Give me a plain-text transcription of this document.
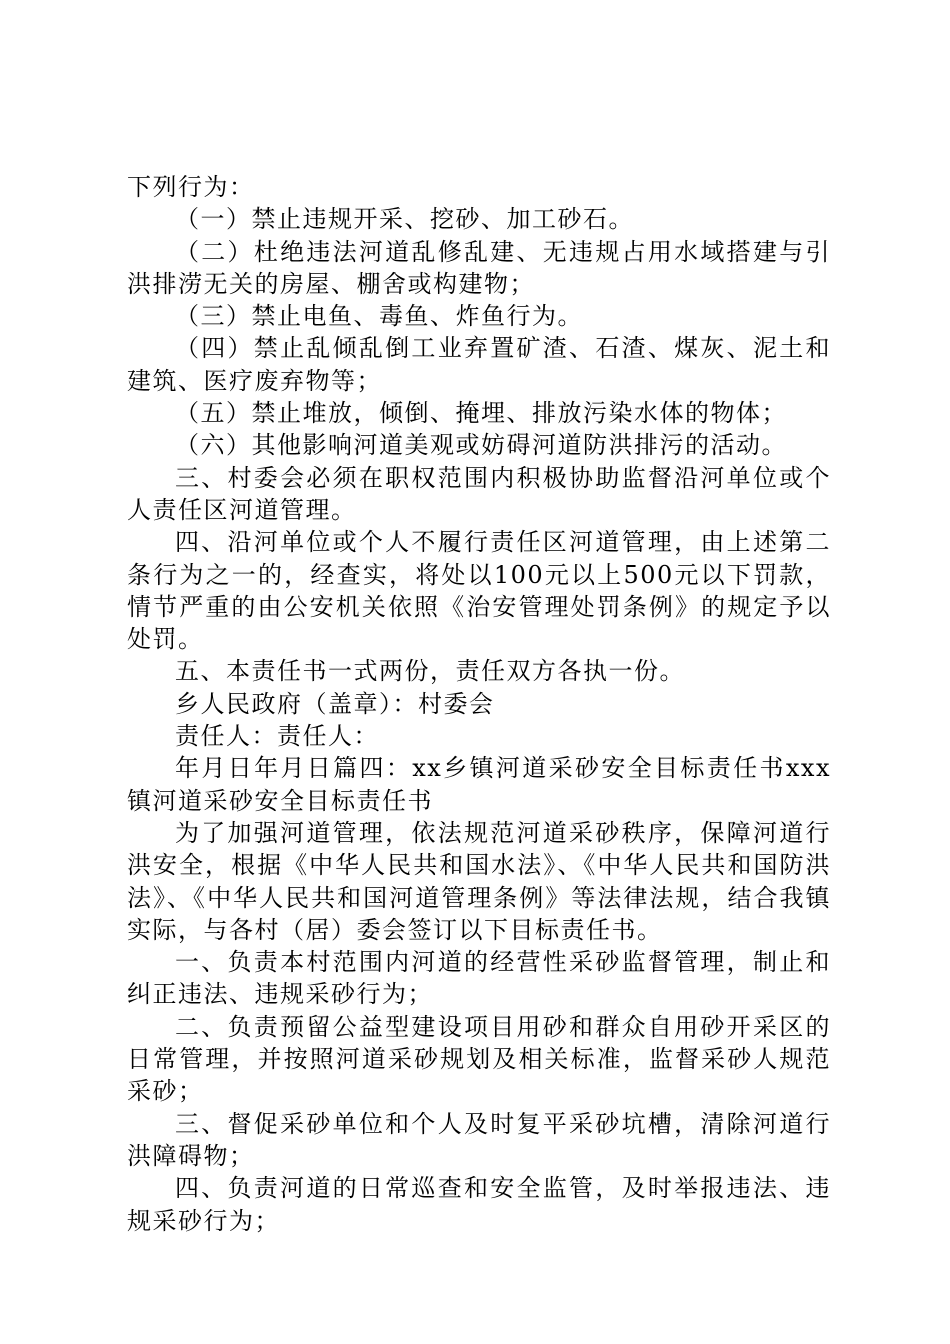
下列行为：

（一）禁止违规开采、挖砂、加工砂石。

（二）杜绝违法河道乱修乱建、无违规占用水域搭建与引洪排涝无关的房屋、棚舍或构建物；

（三）禁止电鱼、毒鱼、炸鱼行为。

（四）禁止乱倾乱倒工业弃置矿渣、石渣、煤灰、泥土和建筑、医疗废弃物等；

（五）禁止堆放，倾倒、掩埋、排放污染水体的物体；

（六）其他影响河道美观或妨碍河道防洪排污的活动。

三、村委会必须在职权范围内积极协助监督沿河单位或个人责任区河道管理。

四、沿河单位或个人不履行责任区河道管理，由上述第二条行为之一的，经查实，将处以100元以上500元以下罚款，情节严重的由公安机关依照《治安管理处罚条例》的规定予以处罚。

五、本责任书一式两份，责任双方各执一份。

乡人民政府（盖章）：村委会

责任人：责任人：

年月日年月日篇四：xx乡镇河道采砂安全目标责任书xxx镇河道采砂安全目标责任书

为了加强河道管理，依法规范河道采砂秩序，保障河道行洪安全，根据《中华人民共和国水法》、《中华人民共和国防洪法》、《中华人民共和国河道管理条例》等法律法规，结合我镇实际，与各村（居）委会签订以下目标责任书。

一、负责本村范围内河道的经营性采砂监督管理，制止和纠正违法、违规采砂行为；

二、负责预留公益型建设项目用砂和群众自用砂开采区的日常管理，并按照河道采砂规划及相关标准，监督采砂人规范采砂；

三、督促采砂单位和个人及时复平采砂坑槽，清除河道行洪障碍物；

四、负责河道的日常巡查和安全监管，及时举报违法、违规采砂行为；
